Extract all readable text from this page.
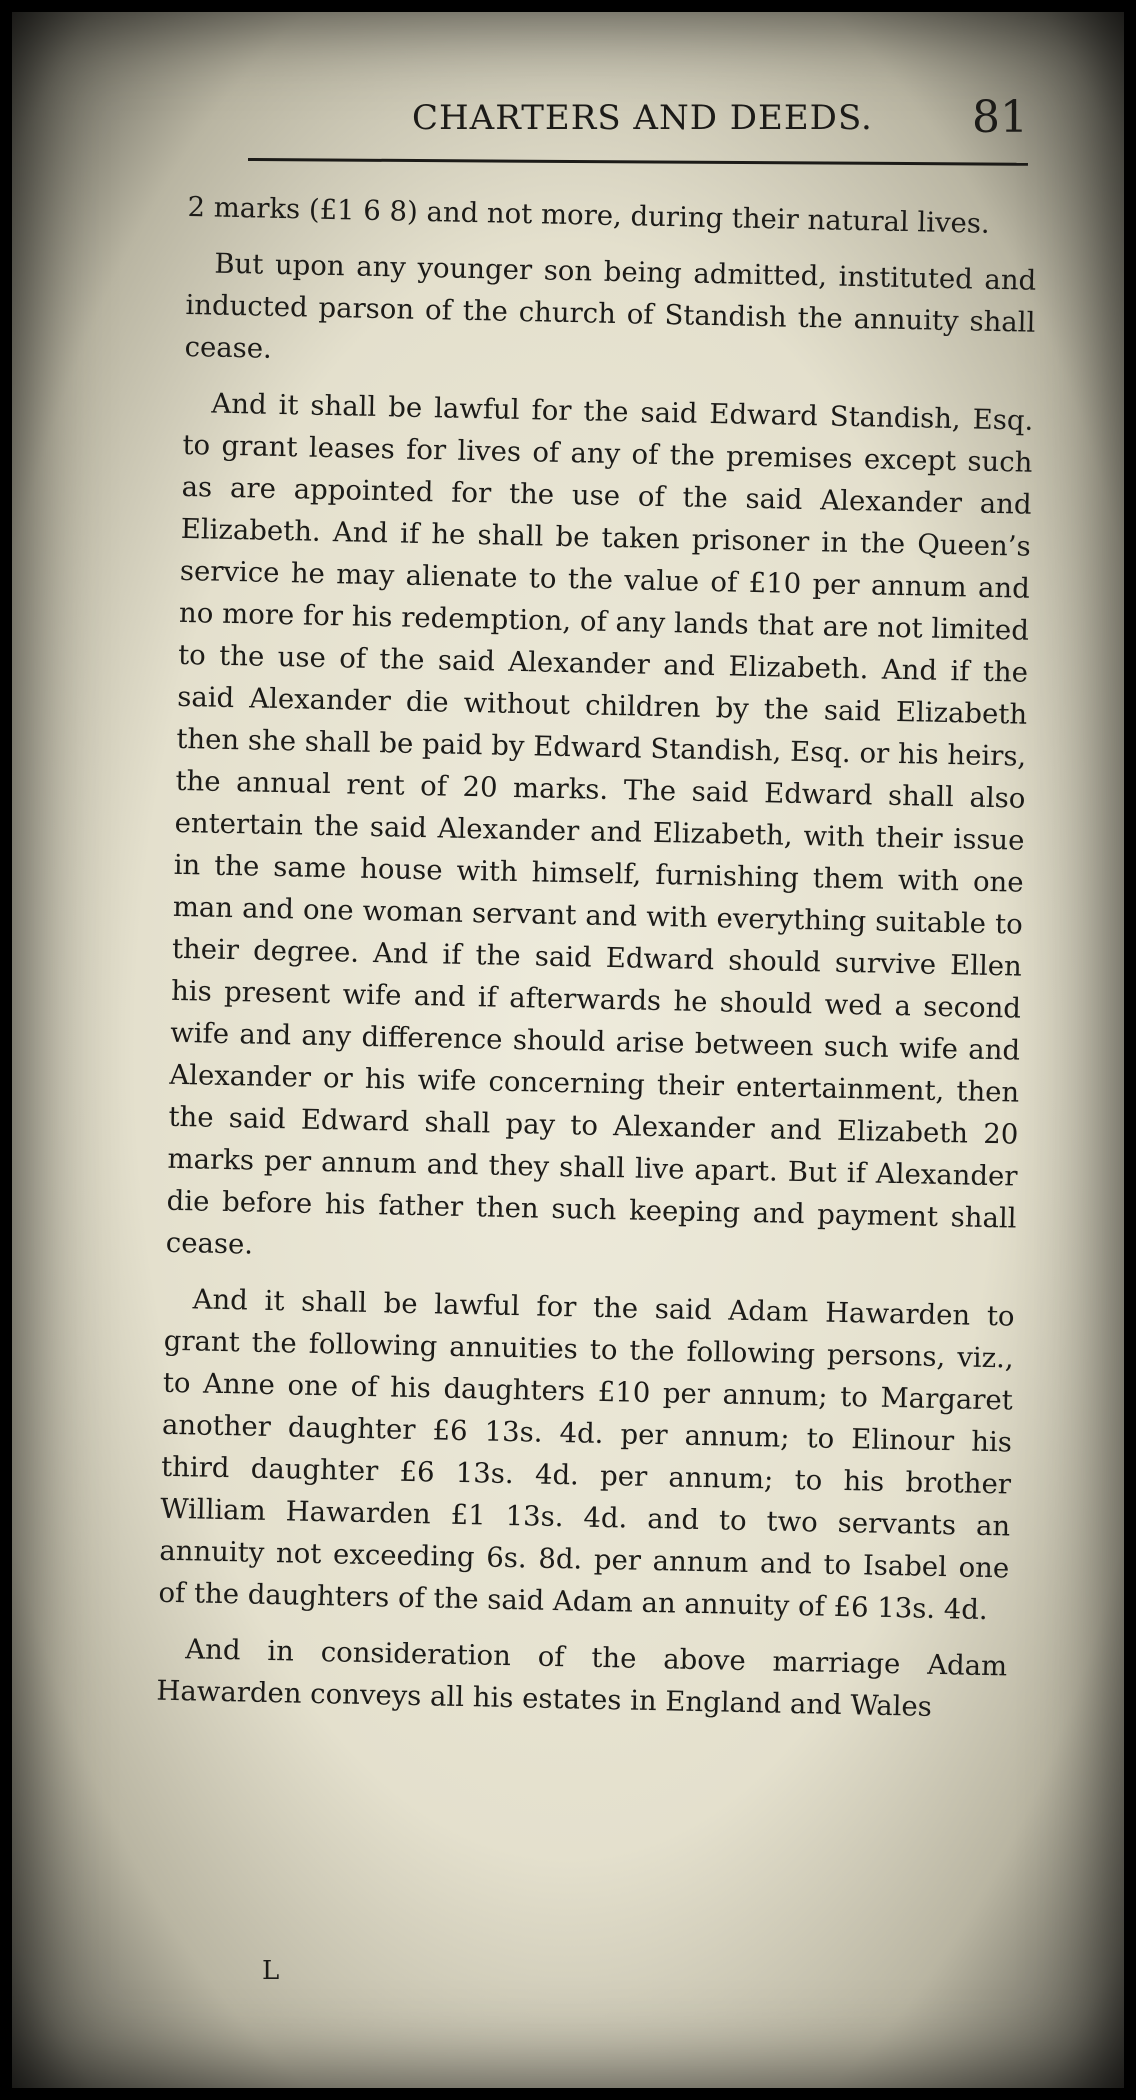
CHARTERS AND DEEDS. 81

2 marks (£1 6 8) and not more, during their natural lives.

But upon any younger son being admitted, instituted and inducted parson of the church of Standish the annuity shall cease.

And it shall be lawful for the said Edward Standish, Esq. to grant leases for lives of any of the premises except such as are appointed for the use of the said Alexander and Elizabeth. And if he shall be taken prisoner in the Queen’s service he may alienate to the value of £10 per annum and no more for his redemption, of any lands that are not limited to the use of the said Alexander and Elizabeth. And if the said Alexander die without children by the said Elizabeth then she shall be paid by Edward Standish, Esq. or his heirs, the annual rent of 20 marks. The said Edward shall also entertain the said Alexander and Elizabeth, with their issue in the same house with himself, furnishing them with one man and one woman servant and with everything suitable to their degree. And if the said Edward should survive Ellen his present wife and if afterwards he should wed a second wife and any difference should arise between such wife and Alexander or his wife concerning their entertainment, then the said Edward shall pay to Alexander and Elizabeth 20 marks per annum and they shall live apart. But if Alexander die before his father then such keeping and payment shall cease.

And it shall be lawful for the said Adam Hawarden to grant the following annuities to the following persons, viz., to Anne one of his daughters £10 per annum; to Margaret another daughter £6 13s. 4d. per annum; to Elinour his third daughter £6 13s. 4d. per annum; to his brother William Hawarden £1 13s. 4d. and to two servants an annuity not exceeding 6s. 8d. per annum and to Isabel one of the daughters of the said Adam an annuity of £6 13s. 4d.

And in consideration of the above marriage Adam Hawarden conveys all his estates in England and Wales

L
